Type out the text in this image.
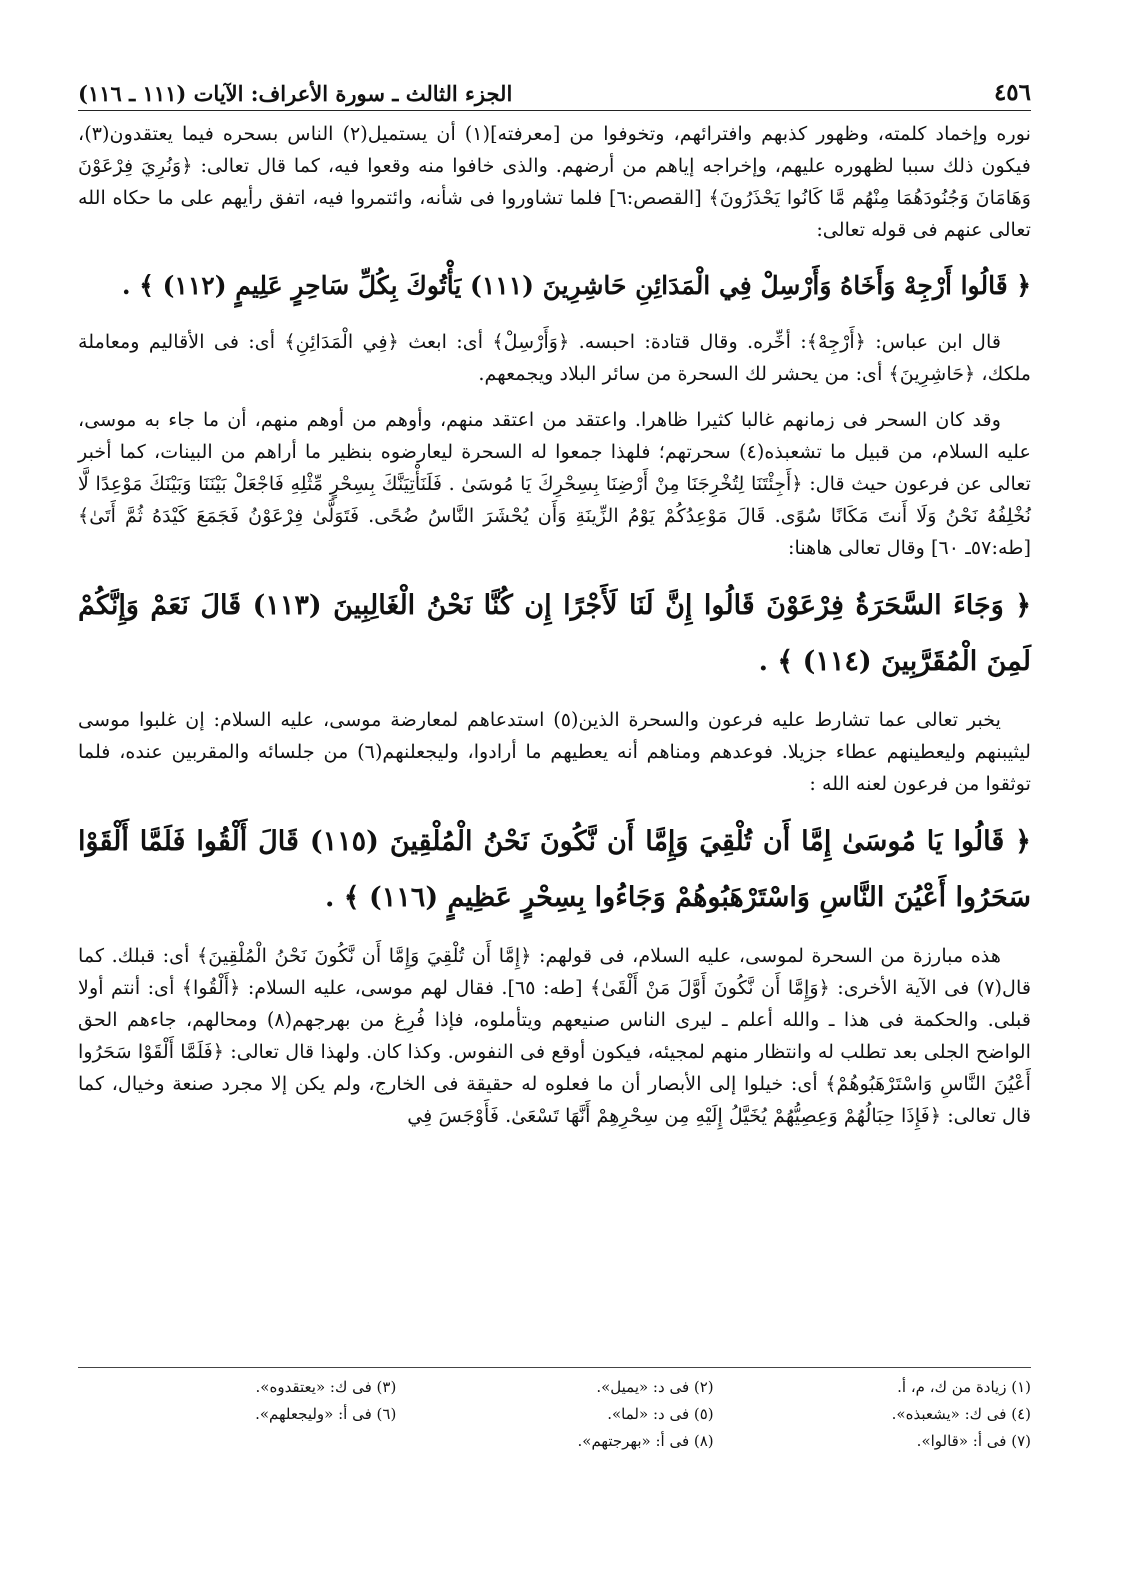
٤٥٦
الجزء الثالث ـ سورة الأعراف: الآيات (١١١ ـ ١١٦)

نوره وإخماد كلمته، وظهور كذبهم وافترائهم، وتخوفوا من [معرفته](١) أن يستميل(٢) الناس بسحره فيما يعتقدون(٣)، فيكون ذلك سببا لظهوره عليهم، وإخراجه إياهم من أرضهم. والذى خافوا منه وقعوا فيه، كما قال تعالى: ﴿وَنُرِيَ فِرْعَوْنَ وَهَامَانَ وَجُنُودَهُمَا مِنْهُم مَّا كَانُوا يَحْذَرُونَ﴾ [القصص:٦] فلما تشاوروا فى شأنه، وائتمروا فيه، اتفق رأيهم على ما حكاه الله تعالى عنهم فى قوله تعالى:

﴿ قَالُوا أَرْجِهْ وَأَخَاهُ وَأَرْسِلْ فِي الْمَدَائِنِ حَاشِرِينَ (١١١) يَأْتُوكَ بِكُلِّ سَاحِرٍ عَلِيمٍ (١١٢) ﴾ .

قال ابن عباس: ﴿أَرْجِهْ﴾: أخِّره. وقال قتادة: احبسه. ﴿وَأَرْسِلْ﴾ أى: ابعث ﴿فِي الْمَدَائِنِ﴾ أى: فى الأقاليم ومعاملة ملكك، ﴿حَاشِرِينَ﴾ أى: من يحشر لك السحرة من سائر البلاد ويجمعهم.

وقد كان السحر فى زمانهم غالبا كثيرا ظاهرا. واعتقد من اعتقد منهم، وأوهم من أوهم منهم، أن ما جاء به موسى، عليه السلام، من قبيل ما تشعبذه(٤) سحرتهم؛ فلهذا جمعوا له السحرة ليعارضوه بنظير ما أراهم من البينات، كما أخبر تعالى عن فرعون حيث قال: ﴿أَجِئْتَنَا لِتُخْرِجَنَا مِنْ أَرْضِنَا بِسِحْرِكَ يَا مُوسَىٰ . فَلَنَأْتِيَنَّكَ بِسِحْرٍ مِّثْلِهِ فَاجْعَلْ بَيْنَنَا وَبَيْنَكَ مَوْعِدًا لَّا نُخْلِفُهُ نَحْنُ وَلَا أَنتَ مَكَانًا سُوًى. قَالَ مَوْعِدُكُمْ يَوْمُ الزِّينَةِ وَأَن يُحْشَرَ النَّاسُ ضُحًى. فَتَوَلَّىٰ فِرْعَوْنُ فَجَمَعَ كَيْدَهُ ثُمَّ أَتَىٰ﴾ [طه:٥٧ـ ٦٠] وقال تعالى هاهنا:

﴿ وَجَاءَ السَّحَرَةُ فِرْعَوْنَ قَالُوا إِنَّ لَنَا لَأَجْرًا إِن كُنَّا نَحْنُ الْغَالِبِينَ (١١٣) قَالَ نَعَمْ وَإِنَّكُمْ لَمِنَ الْمُقَرَّبِينَ (١١٤) ﴾ .

يخبر تعالى عما تشارط عليه فرعون والسحرة الذين(٥) استدعاهم لمعارضة موسى، عليه السلام: إن غلبوا موسى ليثيبنهم وليعطينهم عطاء جزيلا. فوعدهم ومناهم أنه يعطيهم ما أرادوا، وليجعلنهم(٦) من جلسائه والمقربين عنده، فلما توثقوا من فرعون لعنه الله :

﴿ قَالُوا يَا مُوسَىٰ إِمَّا أَن تُلْقِيَ وَإِمَّا أَن نَّكُونَ نَحْنُ الْمُلْقِينَ (١١٥) قَالَ أَلْقُوا فَلَمَّا أَلْقَوْا سَحَرُوا أَعْيُنَ النَّاسِ وَاسْتَرْهَبُوهُمْ وَجَاءُوا بِسِحْرٍ عَظِيمٍ (١١٦) ﴾ .

هذه مبارزة من السحرة لموسى، عليه السلام، فى قولهم: ﴿إِمَّا أَن تُلْقِيَ وَإِمَّا أَن نَّكُونَ نَحْنُ الْمُلْقِينَ﴾ أى: قبلك. كما قال(٧) فى الآية الأخرى: ﴿وَإِمَّا أَن نَّكُونَ أَوَّلَ مَنْ أَلْقَىٰ﴾ [طه: ٦٥]. فقال لهم موسى، عليه السلام: ﴿أَلْقُوا﴾ أى: أنتم أولا قبلى. والحكمة فى هذا ـ والله أعلم ـ ليرى الناس صنيعهم ويتأملوه، فإذا فُرِغ من بهرجهم(٨) ومحالهم، جاءهم الحق الواضح الجلى بعد تطلب له وانتظار منهم لمجيئه، فيكون أوقع فى النفوس. وكذا كان. ولهذا قال تعالى: ﴿فَلَمَّا أَلْقَوْا سَحَرُوا أَعْيُنَ النَّاسِ وَاسْتَرْهَبُوهُمْ﴾ أى: خيلوا إلى الأبصار أن ما فعلوه له حقيقة فى الخارج، ولم يكن إلا مجرد صنعة وخيال، كما قال تعالى: ﴿فَإِذَا حِبَالُهُمْ وَعِصِيُّهُمْ يُخَيَّلُ إِلَيْهِ مِن سِحْرِهِمْ أَنَّهَا تَسْعَىٰ. فَأَوْجَسَ فِي

(١) زيادة من ك، م، أ.
(٢) فى د: «يميل».
(٣) فى ك: «يعتقدوه».
(٤) فى ك: «يشعبذه».
(٥) فى د: «لما».
(٦) فى أ: «وليجعلهم».
(٧) فى أ: «قالوا».
(٨) فى أ: «بهرجتهم».
